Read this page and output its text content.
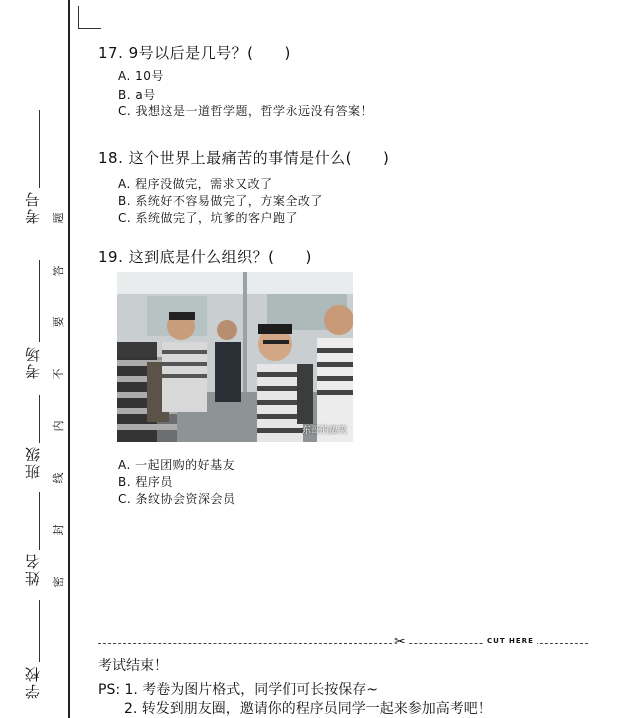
考号
考场
班级
姓名
学校
题
答
要
不
内
线
封
密
17. 9号以后是几号？(　　)
A. 10号
B. a号
C. 我想这是一道哲学题，哲学永远没有答案！
18. 这个世界上最痛苦的事情是什么(　　)
A. 程序没做完，需求又改了
B. 系统好不容易做完了，方案全改了
C. 系统做完了，坑爹的客户跑了
19. 这到底是什么组织？(　　)
东哥的搞笑
A. 一起团购的好基友
B. 程序员
C. 条纹协会资深会员
✂	CUT HERE
考试结束！
PS: 1. 考卷为图片格式，同学们可长按保存~
2. 转发到朋友圈，邀请你的程序员同学一起来参加高考吧！
